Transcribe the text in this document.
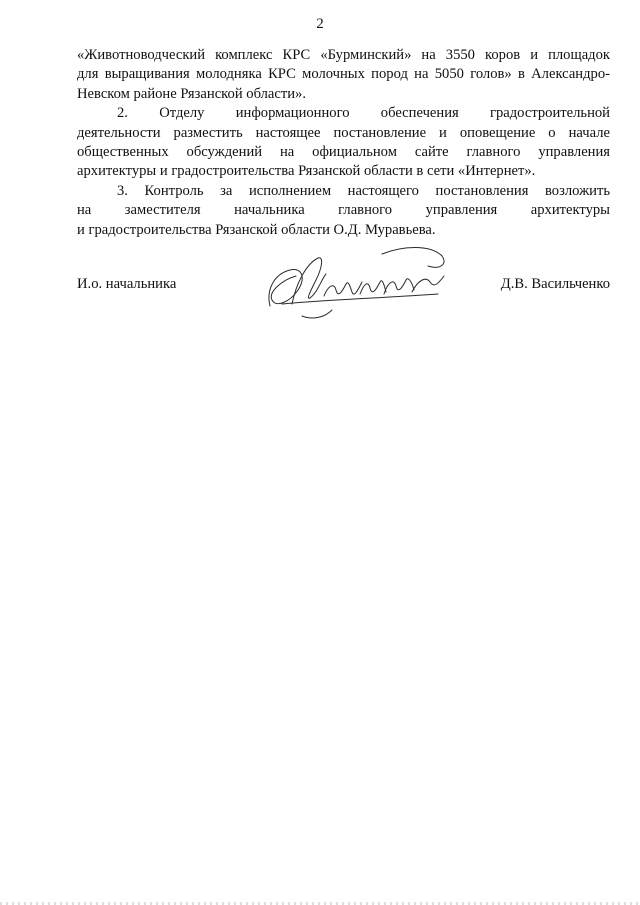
2
«Животноводческий комплекс КРС «Бурминский» на 3550 коров и площадок
для выращивания молодняка КРС молочных пород на 5050 голов» в Александро-
Невском районе Рязанской области».
2. Отделу информационного обеспечения градостроительной
деятельности разместить настоящее постановление и оповещение о начале
общественных обсуждений на официальном сайте главного управления
архитектуры и градостроительства Рязанской области в сети «Интернет».
3. Контроль за исполнением настоящего постановления возложить
на заместителя начальника главного управления архитектуры
и градостроительства Рязанской области О.Д. Муравьева.
И.о. начальника	Д.В. Васильченко
